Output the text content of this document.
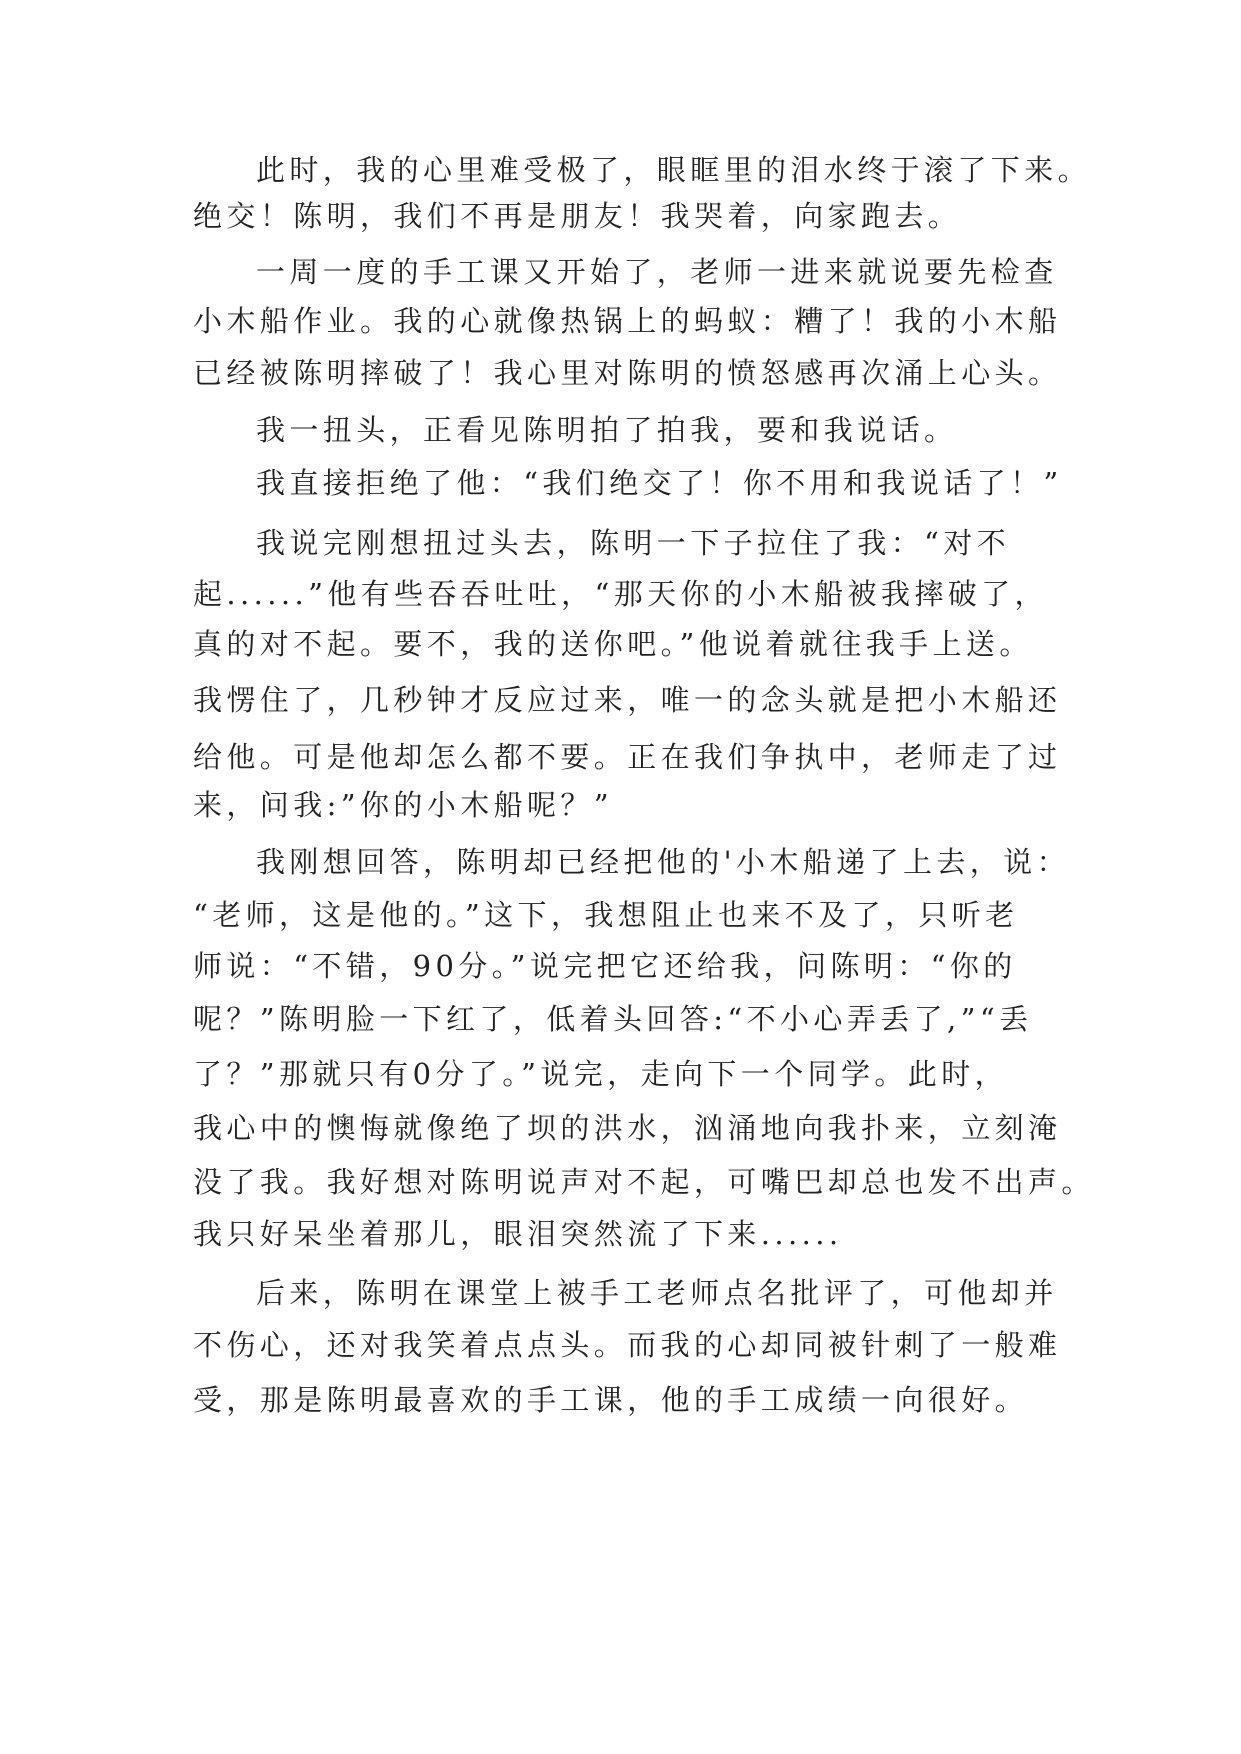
此时，我的心里难受极了，眼眶里的泪水终于滚了下来。
绝交！陈明，我们不再是朋友！我哭着，向家跑去。
一周一度的手工课又开始了，老师一进来就说要先检查
小木船作业。我的心就像热锅上的蚂蚁：糟了！我的小木船
已经被陈明摔破了！我心里对陈明的愤怒感再次涌上心头。
我一扭头，正看见陈明拍了拍我，要和我说话。
我直接拒绝了他：“我们绝交了！你不用和我说话了！”
我说完刚想扭过头去，陈明一下子拉住了我：“对不
起......”他有些吞吞吐吐，“那天你的小木船被我摔破了，
真的对不起。要不，我的送你吧。”他说着就往我手上送。
我愣住了，几秒钟才反应过来，唯一的念头就是把小木船还
给他。可是他却怎么都不要。正在我们争执中，老师走了过
来，问我:”你的小木船呢？”
我刚想回答，陈明却已经把他的'小木船递了上去，说：
“老师，这是他的。”这下，我想阻止也来不及了，只听老
师说：“不错，90分。”说完把它还给我，问陈明：“你的
呢？”陈明脸一下红了，低着头回答:“不小心弄丢了,”“丢
了？”那就只有0分了。”说完，走向下一个同学。此时，
我心中的懊悔就像绝了坝的洪水，汹涌地向我扑来，立刻淹
没了我。我好想对陈明说声对不起，可嘴巴却总也发不出声。
我只好呆坐着那儿，眼泪突然流了下来......
后来，陈明在课堂上被手工老师点名批评了，可他却并
不伤心，还对我笑着点点头。而我的心却同被针刺了一般难
受，那是陈明最喜欢的手工课，他的手工成绩一向很好。
